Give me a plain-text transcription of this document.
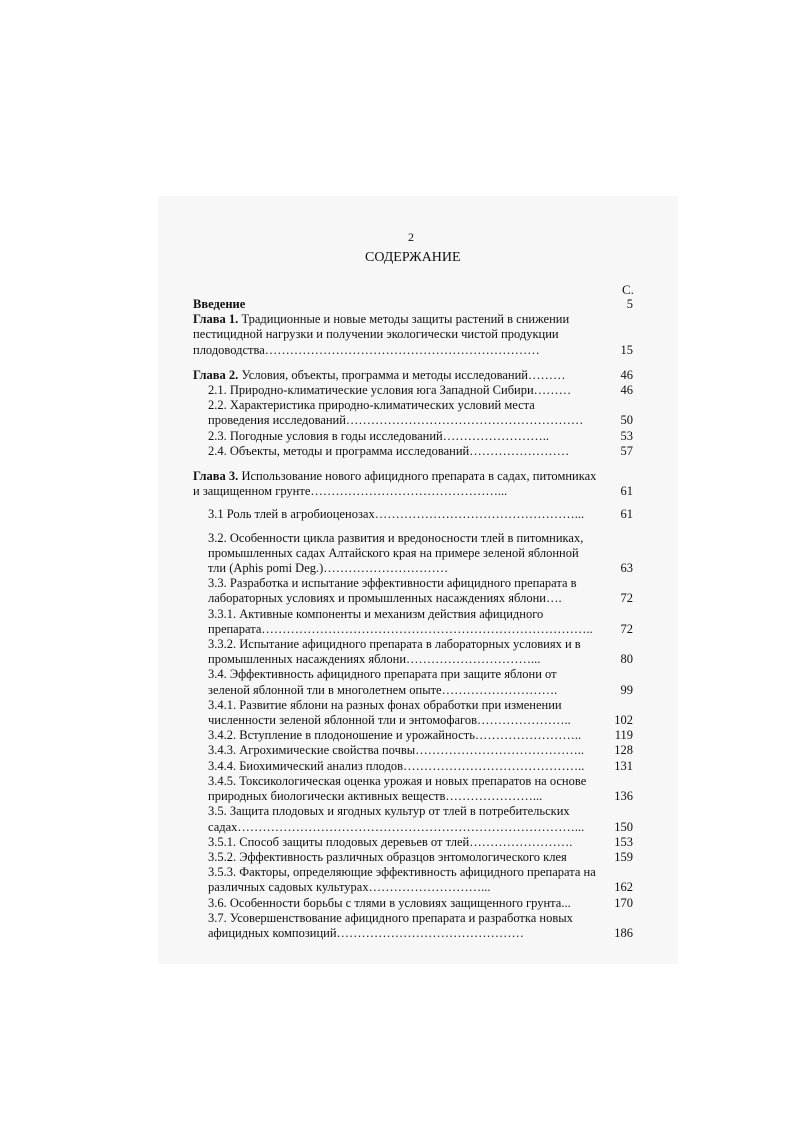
2
СОДЕРЖАНИЕ
С.
Введение	5
Глава 1. Традиционные и новые методы защиты растений в снижении пестицидной нагрузки и получении экологически чистой продукции плодоводства…………………………………………………………	15
Глава 2. Условия, объекты, программа и методы исследований………	46
2.1. Природно-климатические условия юга Западной Сибири………	46
2.2. Характеристика природно-климатических условий места проведения исследований…………………………………………………	50
2.3. Погодные условия в годы исследований……………………..	53
2.4. Объекты, методы и программа исследований……………………	57
Глава 3. Использование нового афицидного препарата в садах, питомниках и защищенном грунте………………………………………...	61
3.1 Роль тлей в агробиоценозах…………………………………………...	61
3.2. Особенности цикла развития и вредоносности тлей в питомниках, промышленных садах Алтайского края на примере зеленой яблонной тли (Aphis pomi Deg.)…………………………	63
3.3. Разработка и испытание эффективности афицидного препарата в лабораторных условиях и промышленных насаждениях яблони….	72
3.3.1. Активные компоненты и механизм действия афицидного препарата……………………………………………………………………..	72
3.3.2. Испытание афицидного препарата в лабораторных условиях и в промышленных насаждениях яблони…………………………...	80
3.4. Эффективность афицидного препарата при защите яблони от зеленой яблонной тли в многолетнем опыте……………………….	99
3.4.1. Развитие яблони на разных фонах обработки при изменении численности зеленой яблонной тли и энтомофагов…………………..	102
3.4.2. Вступление в плодоношение и урожайность……………………..	119
3.4.3. Агрохимические свойства почвы…………………………………..	128
3.4.4. Биохимический анализ плодов……………………………………..	131
3.4.5. Токсикологическая оценка урожая и новых препаратов на основе природных биологически активных веществ…………………...	136
3.5. Защита плодовых и ягодных культур от тлей в потребительских садах………………………………………………………………………...	150
3.5.1. Способ защиты плодовых деревьев от тлей…………………….	153
3.5.2. Эффективность различных образцов энтомологического клея	159
3.5.3. Факторы, определяющие эффективность афицидного препарата на различных садовых культурах………………………...	162
3.6. Особенности борьбы с тлями в условиях защищенного грунта...	170
3.7. Усовершенствование афицидного препарата и разработка новых афицидных композиций………………………………………	186
